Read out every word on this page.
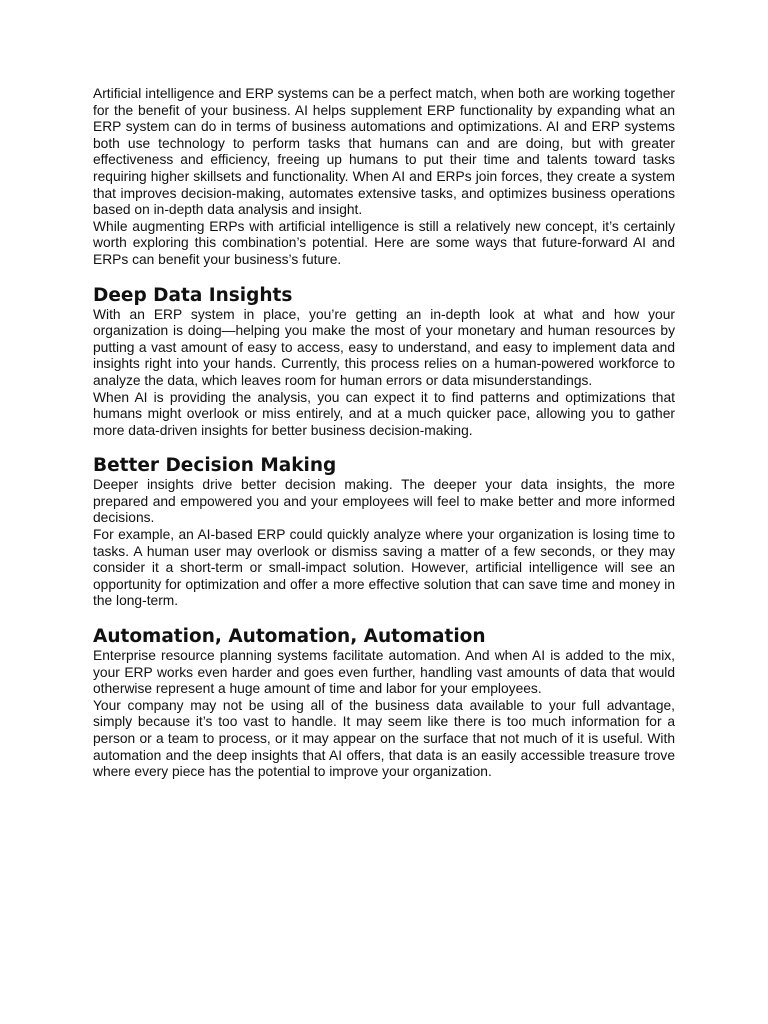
Artificial intelligence and ERP systems can be a perfect match, when both are working together for the benefit of your business. AI helps supplement ERP functionality by expanding what an ERP system can do in terms of business automations and optimizations. AI and ERP systems both use technology to perform tasks that humans can and are doing, but with greater effectiveness and efficiency, freeing up humans to put their time and talents toward tasks requiring higher skillsets and functionality. When AI and ERPs join forces, they create a system that improves decision-making, automates extensive tasks, and optimizes business operations based on in-depth data analysis and insight.

While augmenting ERPs with artificial intelligence is still a relatively new concept, it’s certainly worth exploring this combination’s potential. Here are some ways that future-forward AI and ERPs can benefit your business’s future.

Deep Data Insights

With an ERP system in place, you’re getting an in-depth look at what and how your organization is doing—helping you make the most of your monetary and human resources by putting a vast amount of easy to access, easy to understand, and easy to implement data and insights right into your hands. Currently, this process relies on a human-powered workforce to analyze the data, which leaves room for human errors or data misunderstandings.

When AI is providing the analysis, you can expect it to find patterns and optimizations that humans might overlook or miss entirely, and at a much quicker pace, allowing you to gather more data-driven insights for better business decision-making.

Better Decision Making

Deeper insights drive better decision making. The deeper your data insights, the more prepared and empowered you and your employees will feel to make better and more informed decisions.

For example, an AI-based ERP could quickly analyze where your organization is losing time to tasks. A human user may overlook or dismiss saving a matter of a few seconds, or they may consider it a short-term or small-impact solution. However, artificial intelligence will see an opportunity for optimization and offer a more effective solution that can save time and money in the long-term.

Automation, Automation, Automation

Enterprise resource planning systems facilitate automation. And when AI is added to the mix, your ERP works even harder and goes even further, handling vast amounts of data that would otherwise represent a huge amount of time and labor for your employees.

Your company may not be using all of the business data available to your full advantage, simply because it’s too vast to handle. It may seem like there is too much information for a person or a team to process, or it may appear on the surface that not much of it is useful. With automation and the deep insights that AI offers, that data is an easily accessible treasure trove where every piece has the potential to improve your organization.
